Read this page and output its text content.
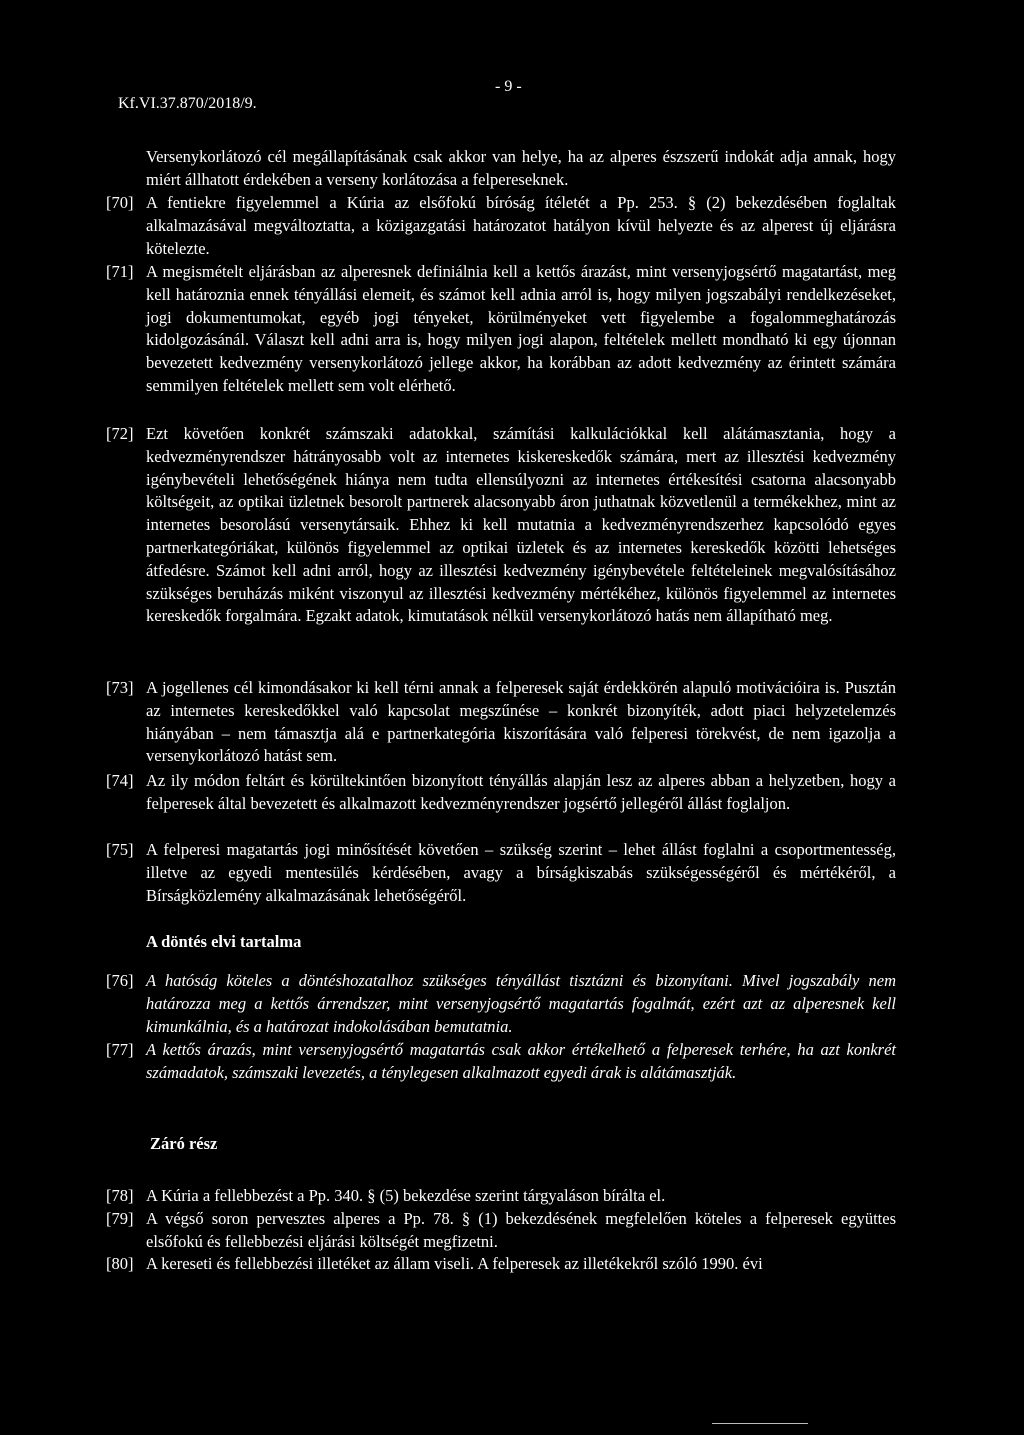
Kf.VI.37.870/2018/9.
- 9 -
Versenykorlátozó cél megállapításának csak akkor van helye, ha az alperes észszerű indokát adja annak, hogy miért állhatott érdekében a verseny korlátozása a felpereseknek.
[70] A fentiekre figyelemmel a Kúria az elsőfokú bíróság ítéletét a Pp. 253. § (2) bekezdésében foglaltak alkalmazásával megváltoztatta, a közigazgatási határozatot hatályon kívül helyezte és az alperest új eljárásra kötelezte.
[71] A megismételt eljárásban az alperesnek definiálnia kell a kettős árazást, mint versenyjogsértő magatartást, meg kell határoznia ennek tényállási elemeit, és számot kell adnia arról is, hogy milyen jogszabályi rendelkezéseket, jogi dokumentumokat, egyéb jogi tényeket, körülményeket vett figyelembe a fogalommeghatározás kidolgozásánál. Választ kell adni arra is, hogy milyen jogi alapon, feltételek mellett mondható ki egy újonnan bevezetett kedvezmény versenykorlátozó jellege akkor, ha korábban az adott kedvezmény az érintett számára semmilyen feltételek mellett sem volt elérhető.
[72] Ezt követően konkrét számszaki adatokkal, számítási kalkulációkkal kell alátámasztania, hogy a kedvezményrendszer hátrányosabb volt az internetes kiskereskedők számára, mert az illesztési kedvezmény igénybevételi lehetőségének hiánya nem tudta ellensúlyozni az internetes értékesítési csatorna alacsonyabb költségeit, az optikai üzletnek besorolt partnerek alacsonyabb áron juthatnak közvetlenül a termékekhez, mint az internetes besorolású versenytársaik. Ehhez ki kell mutatnia a kedvezményrendszerhez kapcsolódó egyes partnerkategóriákat, különös figyelemmel az optikai üzletek és az internetes kereskedők közötti lehetséges átfedésre. Számot kell adni arról, hogy az illesztési kedvezmény igénybevétele feltételeinek megvalósításához szükséges beruházás miként viszonyul az illesztési kedvezmény mértékéhez, különös figyelemmel az internetes kereskedők forgalmára. Egzakt adatok, kimutatások nélkül versenykorlátozó hatás nem állapítható meg.
[73] A jogellenes cél kimondásakor ki kell térni annak a felperesek saját érdekkörén alapuló motivációira is. Pusztán az internetes kereskedőkkel való kapcsolat megszűnése – konkrét bizonyíték, adott piaci helyzetelemzés hiányában – nem támasztja alá e partnerkategória kiszorítására való felperesi törekvést, de nem igazolja a versenykorlátozó hatást sem.
[74] Az ily módon feltárt és körültekintően bizonyított tényállás alapján lesz az alperes abban a helyzetben, hogy a felperesek által bevezetett és alkalmazott kedvezményrendszer jogsértő jellegéről állást foglaljon.
[75] A felperesi magatartás jogi minősítését követően – szükség szerint – lehet állást foglalni a csoportmentesség, illetve az egyedi mentesülés kérdésében, avagy a bírságkiszabás szükségességéről és mértékéről, a Bírságközlemény alkalmazásának lehetőségéről.
A döntés elvi tartalma
[76] A hatóság köteles a döntéshozatalhoz szükséges tényállást tisztázni és bizonyítani. Mivel jogszabály nem határozza meg a kettős árrendszer, mint versenyjogsértő magatartás fogalmát, ezért azt az alperesnek kell kimunkálnia, és a határozat indokolásában bemutatnia.
[77] A kettős árazás, mint versenyjogsértő magatartás csak akkor értékelhető a felperesek terhére, ha azt konkrét számadatok, számszaki levezetés, a ténylegesen alkalmazott egyedi árak is alátámasztják.
Záró rész
[78] A Kúria a fellebbezést a Pp. 340. § (5) bekezdése szerint tárgyaláson bírálta el.
[79] A végső soron pervesztes alperes a Pp. 78. § (1) bekezdésének megfelelően köteles a felperesek együttes elsőfokú és fellebbezési eljárási költségét megfizetni.
[80] A kereseti és fellebbezési illetéket az állam viseli. A felperesek az illetékekről szóló 1990. évi
